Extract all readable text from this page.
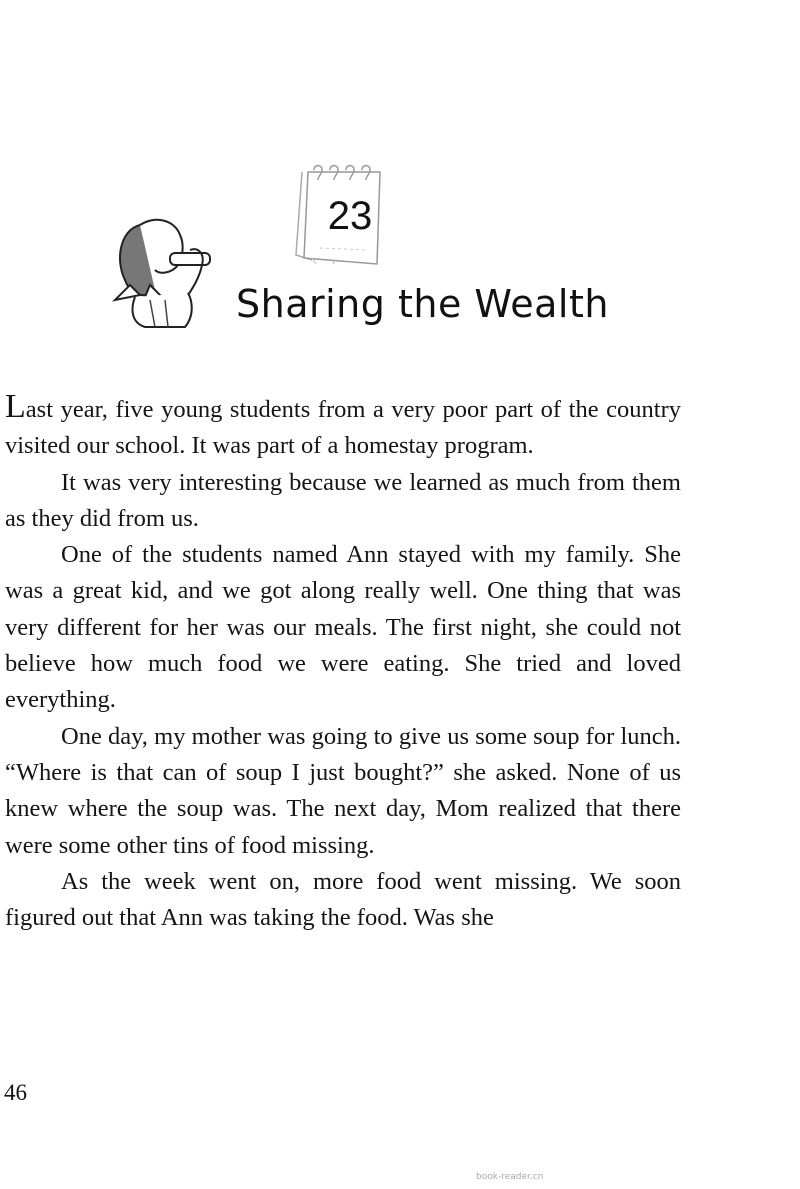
23
Sharing the Wealth

Last year, five young students from a very poor part of the country visited our school. It was part of a homestay program.

It was very interesting because we learned as much from them as they did from us.

One of the students named Ann stayed with my family. She was a great kid, and we got along really well. One thing that was very different for her was our meals. The first night, she could not believe how much food we were eating. She tried and loved everything.

One day, my mother was going to give us some soup for lunch. “Where is that can of soup I just bought?” she asked. None of us knew where the soup was. The next day, Mom realized that there were some other tins of food missing.

As the week went on, more food went missing. We soon figured out that Ann was taking the food. Was she

46
book-reader.cn
